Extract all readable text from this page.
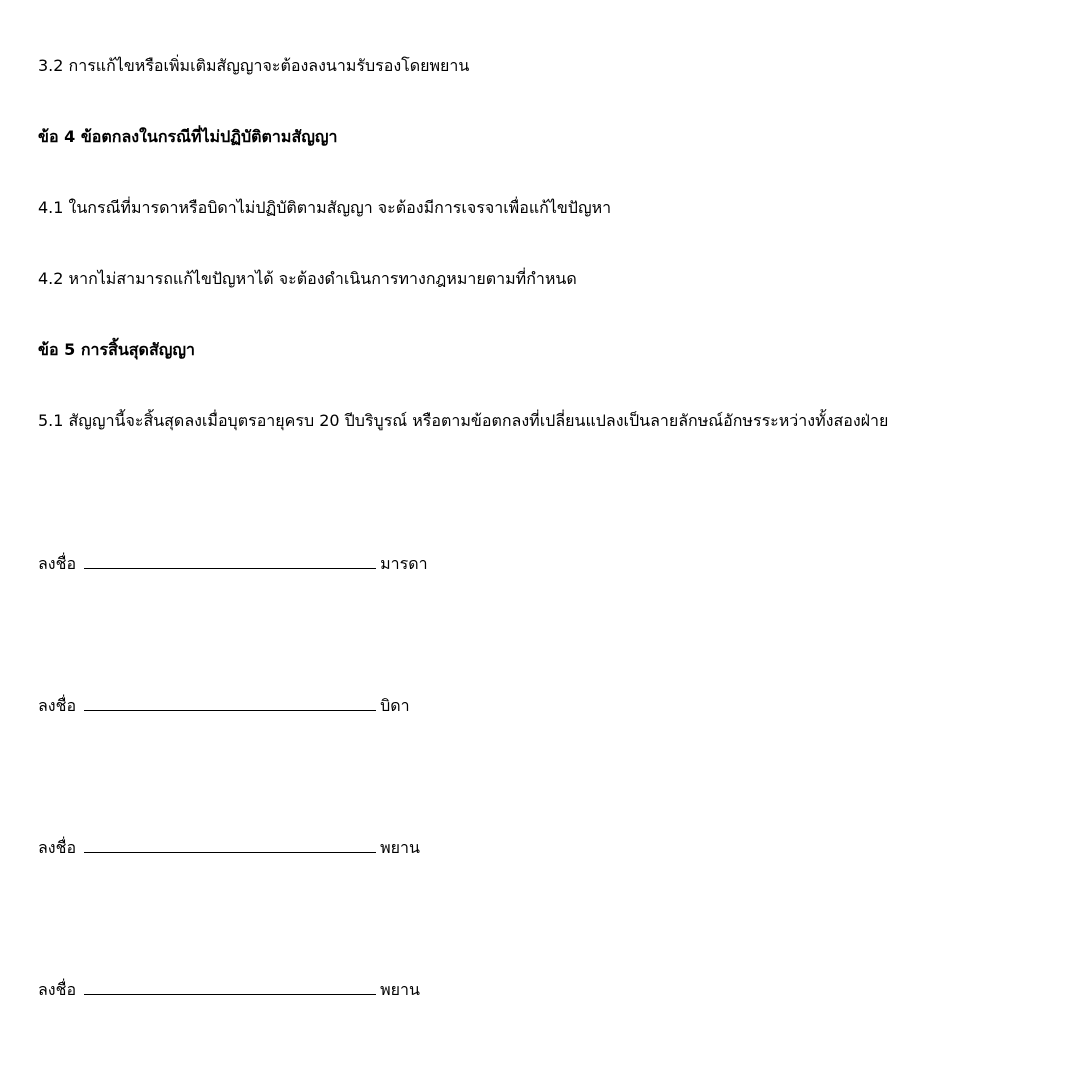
3.2 การแก้ไขหรือเพิ่มเติมสัญญาจะต้องลงนามรับรองโดยพยาน
ข้อ 4 ข้อตกลงในกรณีที่ไม่ปฏิบัติตามสัญญา
4.1 ในกรณีที่มารดาหรือบิดาไม่ปฏิบัติตามสัญญา จะต้องมีการเจรจาเพื่อแก้ไขปัญหา
4.2 หากไม่สามารถแก้ไขปัญหาได้ จะต้องดำเนินการทางกฎหมายตามที่กำหนด
ข้อ 5 การสิ้นสุดสัญญา
5.1 สัญญานี้จะสิ้นสุดลงเมื่อบุตรอายุครบ 20 ปีบริบูรณ์ หรือตามข้อตกลงที่เปลี่ยนแปลงเป็นลายลักษณ์อักษรระหว่างทั้งสองฝ่าย
ลงชื่อ	มารดา
ลงชื่อ	บิดา
ลงชื่อ	พยาน
ลงชื่อ	พยาน
